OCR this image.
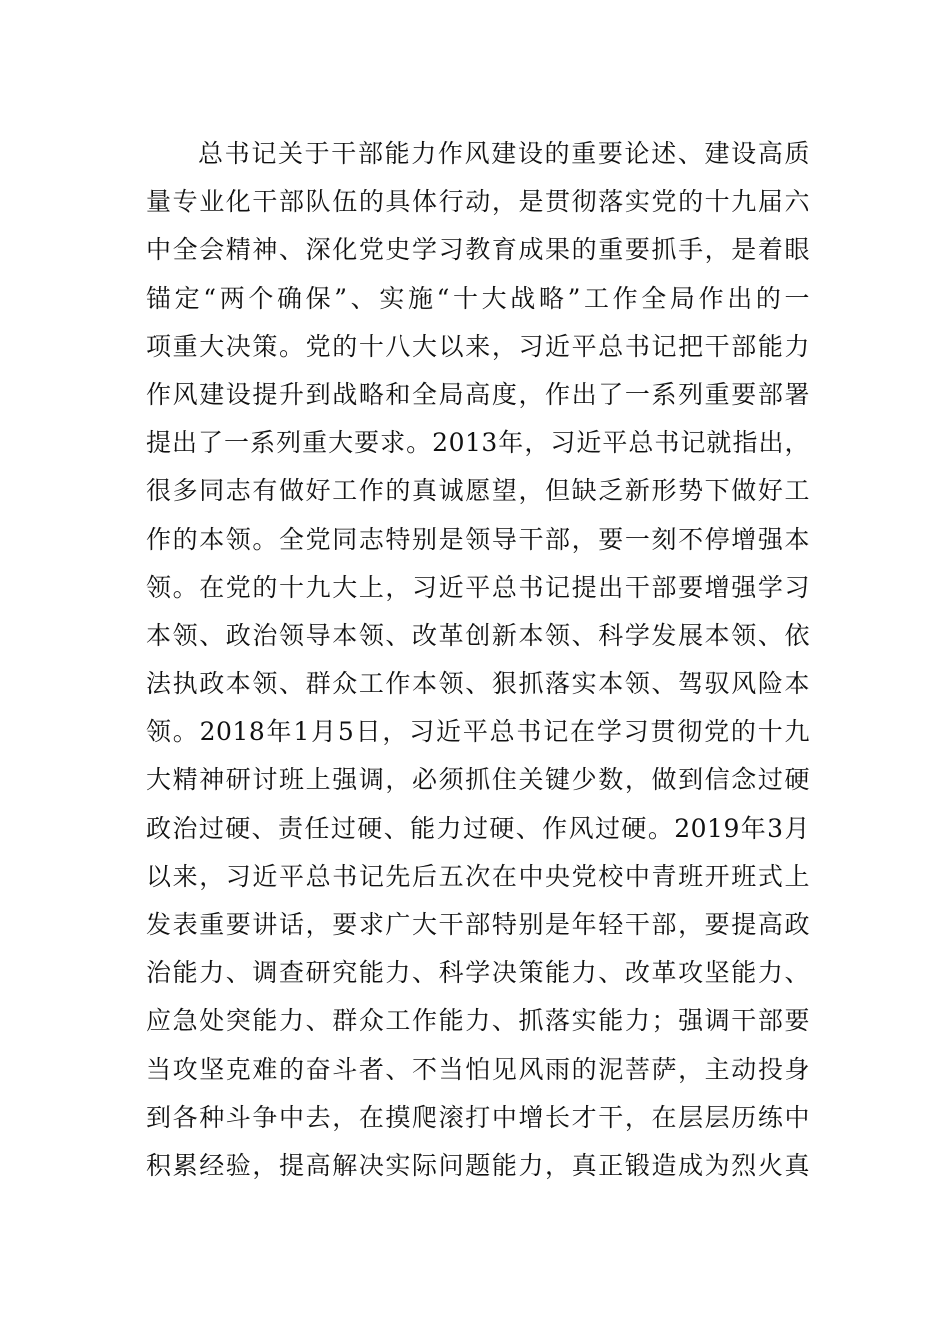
总书记关于干部能力作风建设的重要论述、建设高质
量专业化干部队伍的具体行动，是贯彻落实党的十九届六
中全会精神、深化党史学习教育成果的重要抓手，是着眼
锚定“两个确保”、实施“十大战略”工作全局作出的一
项重大决策。党的十八大以来，习近平总书记把干部能力
作风建设提升到战略和全局高度，作出了一系列重要部署
提出了一系列重大要求。2013年，习近平总书记就指出，
很多同志有做好工作的真诚愿望，但缺乏新形势下做好工
作的本领。全党同志特别是领导干部，要一刻不停增强本
领。在党的十九大上，习近平总书记提出干部要增强学习
本领、政治领导本领、改革创新本领、科学发展本领、依
法执政本领、群众工作本领、狠抓落实本领、驾驭风险本
领。2018年1月5日，习近平总书记在学习贯彻党的十九
大精神研讨班上强调，必须抓住关键少数，做到信念过硬
政治过硬、责任过硬、能力过硬、作风过硬。2019年3月
以来，习近平总书记先后五次在中央党校中青班开班式上
发表重要讲话，要求广大干部特别是年轻干部，要提高政
治能力、调查研究能力、科学决策能力、改革攻坚能力、
应急处突能力、群众工作能力、抓落实能力；强调干部要
当攻坚克难的奋斗者、不当怕见风雨的泥菩萨，主动投身
到各种斗争中去，在摸爬滚打中增长才干，在层层历练中
积累经验，提高解决实际问题能力，真正锻造成为烈火真
